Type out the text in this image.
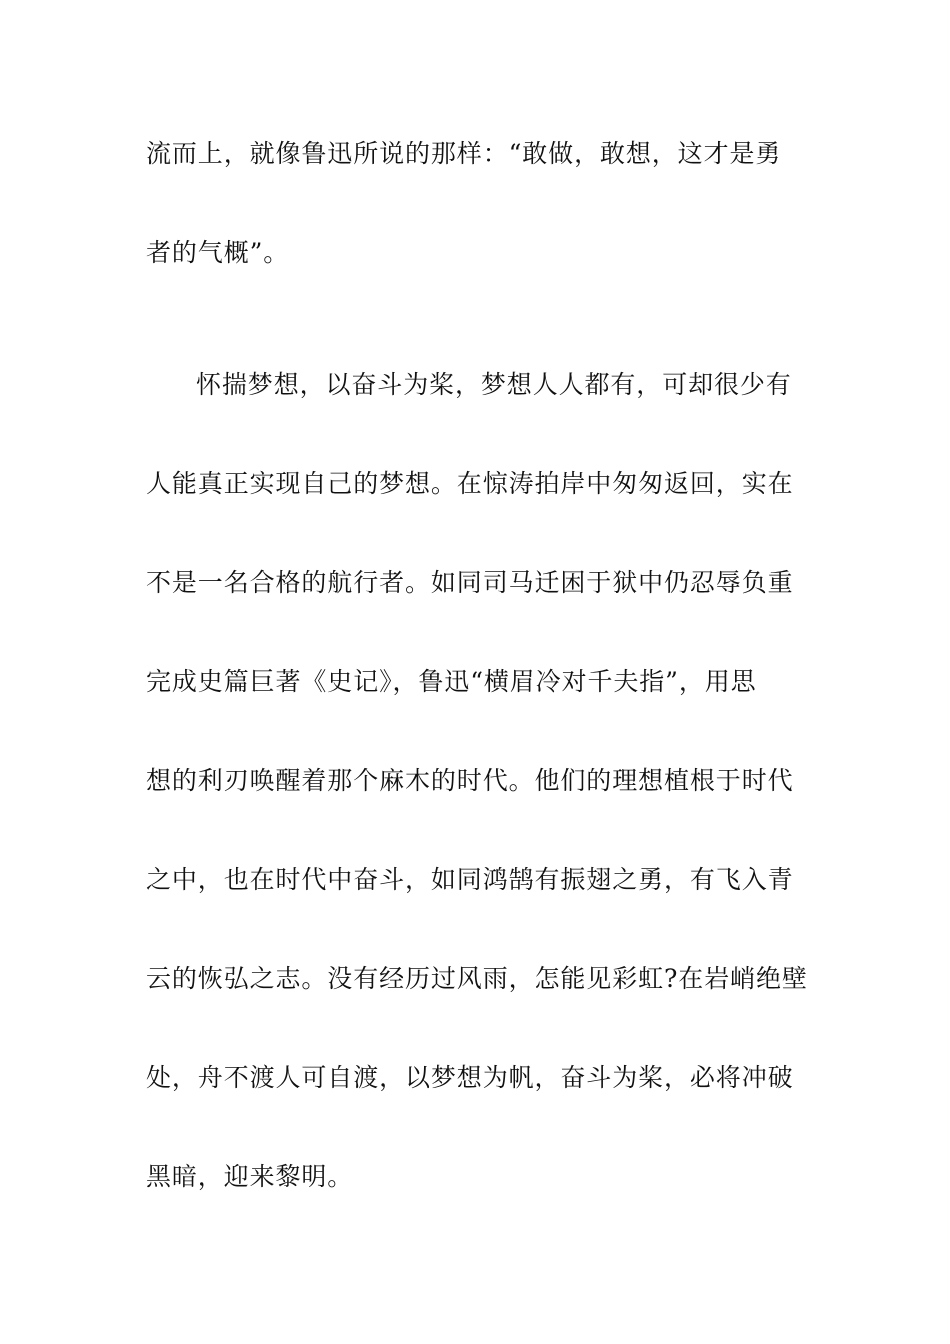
流而上，就像鲁迅所说的那样：“敢做，敢想，这才是勇
者的气概”。
怀揣梦想，以奋斗为桨，梦想人人都有，可却很少有
人能真正实现自己的梦想。在惊涛拍岸中匆匆返回，实在
不是一名合格的航行者。如同司马迁困于狱中仍忍辱负重
完成史篇巨著《史记》，鲁迅“横眉冷对千夫指”，用思
想的利刃唤醒着那个麻木的时代。他们的理想植根于时代
之中，也在时代中奋斗，如同鸿鹄有振翅之勇，有飞入青
云的恢弘之志。没有经历过风雨，怎能见彩虹?在岩峭绝壁
处，舟不渡人可自渡，以梦想为帆，奋斗为桨，必将冲破
黑暗，迎来黎明。
